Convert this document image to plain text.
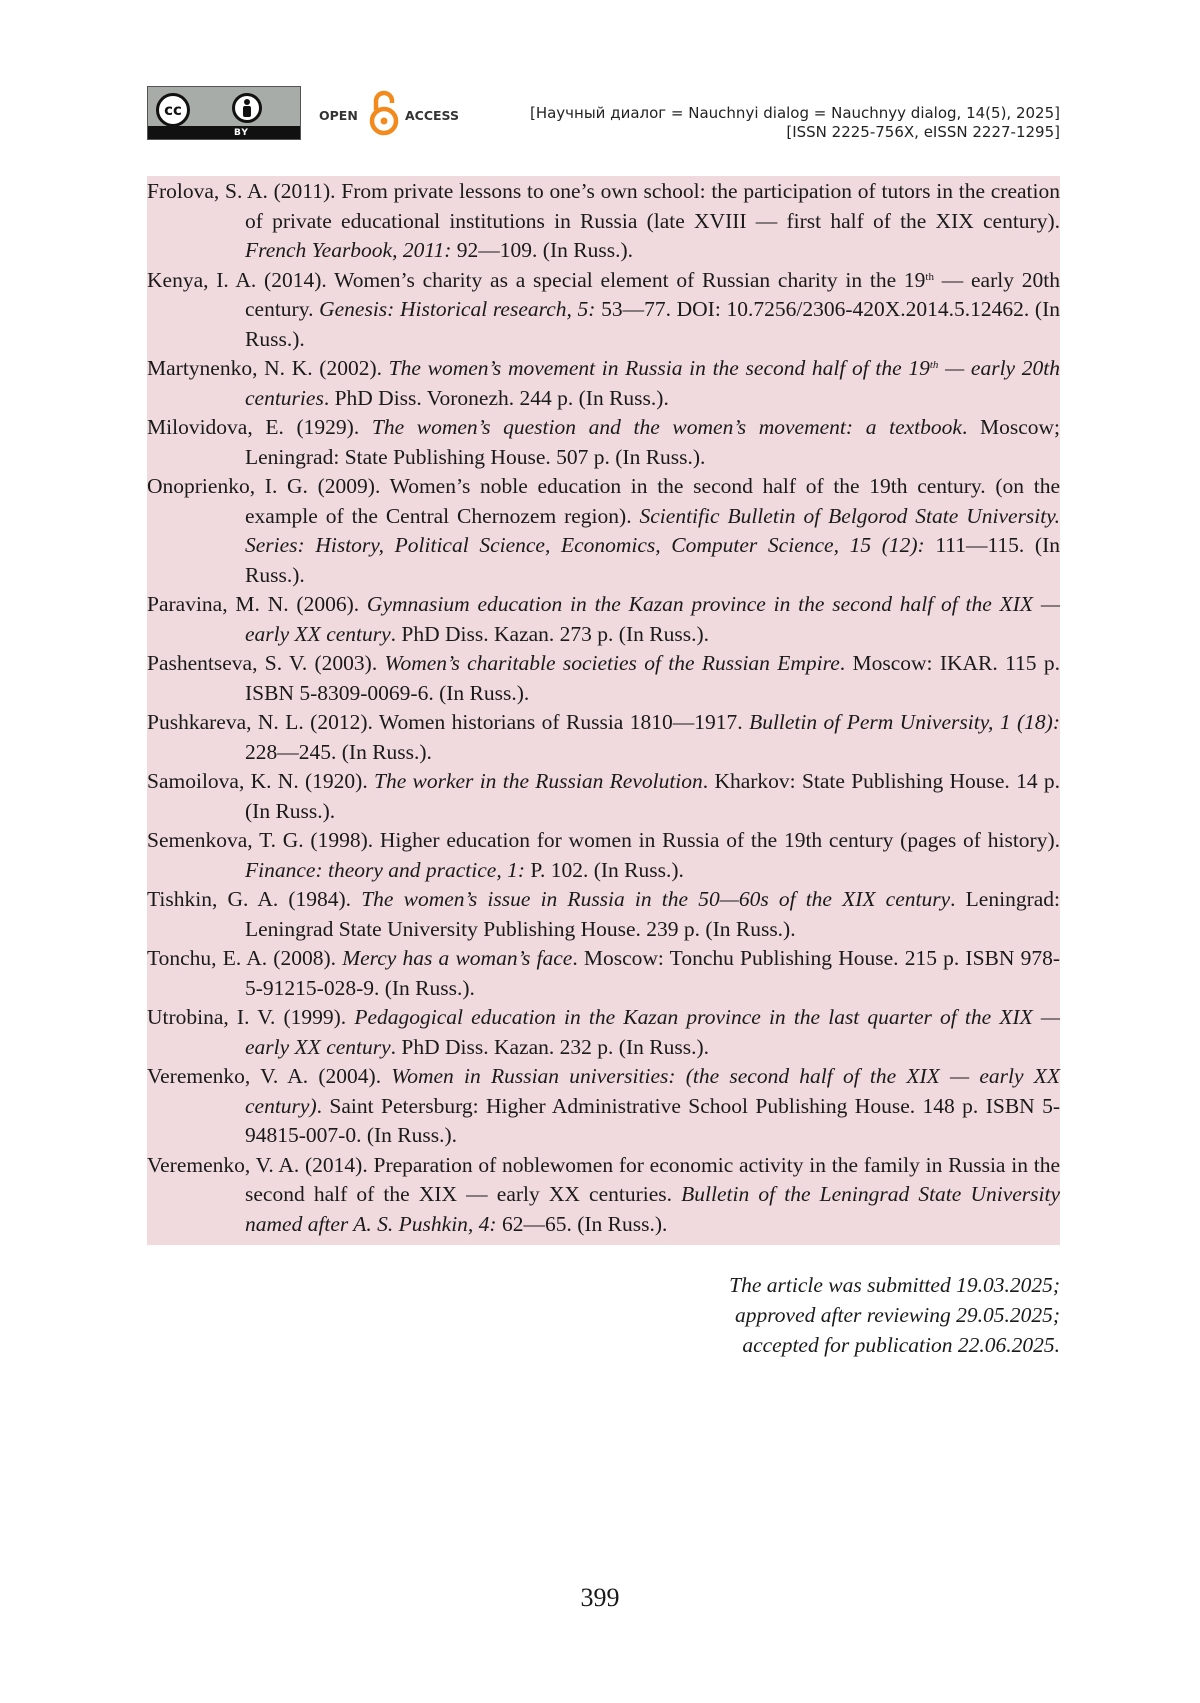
cc
BY
OPEN	ACCESS	[Научный диалог = Nauchnyi dialog = Nauchnyy dialog, 14(5), 2025]
[ISSN 2225-756X, eISSN 2227-1295]

Frolova, S. A. (2011). From private lessons to one’s own school: the participation of tutors in the creation of private educational institutions in Russia (late XVIII — first half of the XIX century). French Yearbook, 2011: 92—109. (In Russ.).

Kenya, I. A. (2014). Women’s charity as a special element of Russian charity in the 19th — early 20th century. Genesis: Historical research, 5: 53—77. DOI: 10.7256/2306-420X.2014.5.12462. (In Russ.).

Martynenko, N. K. (2002). The women’s movement in Russia in the second half of the 19th — early 20th centuries. PhD Diss. Voronezh. 244 p. (In Russ.).

Milovidova, E. (1929). The women’s question and the women’s movement: a textbook. Moscow; Leningrad: State Publishing House. 507 p. (In Russ.).

Onoprienko, I. G. (2009). Women’s noble education in the second half of the 19th century. (on the example of the Central Chernozem region). Scientific Bulletin of Belgorod State University. Series: History, Political Science, Economics, Computer Science, 15 (12): 111—115. (In Russ.).

Paravina, M. N. (2006). Gymnasium education in the Kazan province in the second half of the XIX — early XX century. PhD Diss. Kazan. 273 p. (In Russ.).

Pashentseva, S. V. (2003). Women’s charitable societies of the Russian Empire. Moscow: IKAR. 115 p. ISBN 5-8309-0069-6. (In Russ.).

Pushkareva, N. L. (2012). Women historians of Russia 1810—1917. Bulletin of Perm University, 1 (18): 228—245. (In Russ.).

Samoilova, K. N. (1920). The worker in the Russian Revolution. Kharkov: State Publishing House. 14 p. (In Russ.).

Semenkova, T. G. (1998). Higher education for women in Russia of the 19th century (pages of history). Finance: theory and practice, 1: P. 102. (In Russ.).

Tishkin, G. A. (1984). The women’s issue in Russia in the 50—60s of the XIX century. Leningrad: Leningrad State University Publishing House. 239 p. (In Russ.).

Tonchu, E. A. (2008). Mercy has a woman’s face. Moscow: Tonchu Publishing House. 215 p. ISBN 978-5-91215-028-9. (In Russ.).

Utrobina, I. V. (1999). Pedagogical education in the Kazan province in the last quarter of the XIX — early XX century. PhD Diss. Kazan. 232 p. (In Russ.).

Veremenko, V. A. (2004). Women in Russian universities: (the second half of the XIX — early XX century). Saint Petersburg: Higher Administrative School Publishing House. 148 p. ISBN 5-94815-007-0. (In Russ.).

Veremenko, V. A. (2014). Preparation of noblewomen for economic activity in the family in Russia in the second half of the XIX — early XX centuries. Bulletin of the Leningrad State University named after A. S. Pushkin, 4: 62—65. (In Russ.).

The article was submitted 19.03.2025;
approved after reviewing 29.05.2025;
accepted for publication 22.06.2025.
399
